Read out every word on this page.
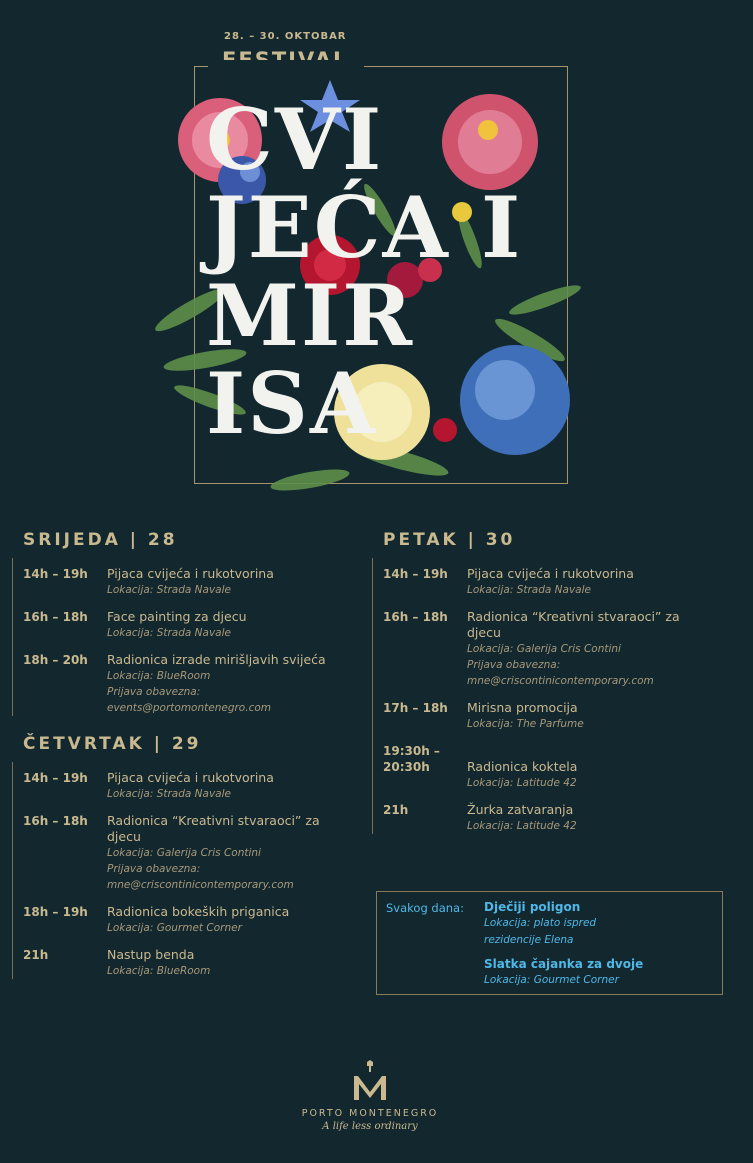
28. – 30. OKTOBAR
CVI
JEĆA I
MIR
ISA
SRIJEDA | 28
14h – 19h	Pijaca cvijeća i rukotvorina
Lokacija: Strada Navale
16h – 18h	Face painting za djecu
Lokacija: Strada Navale
18h – 20h	Radionica izrade mirišljavih svijeća
Lokacija: BlueRoom
Prijava obavezna:
events@portomontenegro.com
ČETVRTAK | 29
14h – 19h	Pijaca cvijeća i rukotvorina
Lokacija: Strada Navale
16h – 18h	Radionica “Kreativni stvaraoci” za djecu
Lokacija: Galerija Cris Contini
Prijava obavezna:
mne@criscontinicontemporary.com
18h – 19h	Radionica bokeških priganica
Lokacija: Gourmet Corner
21h	Nastup benda
Lokacija: BlueRoom
PETAK | 30
14h – 19h	Pijaca cvijeća i rukotvorina
Lokacija: Strada Navale
16h – 18h	Radionica “Kreativni stvaraoci” za djecu
Lokacija: Galerija Cris Contini
Prijava obavezna:
mne@criscontinicontemporary.com
17h – 18h	Mirisna promocija
Lokacija: The Parfume
19:30h – 20:30h	Radionica koktela
Lokacija: Latitude 42
21h	Žurka zatvaranja
Lokacija: Latitude 42
Svakog dana: Dječiji poligon
Lokacija: plato ispred
rezidencije Elena
Slatka čajanka za dvoje
Lokacija: Gourmet Corner
PORTO MONTENEGRO
A life less ordinary
